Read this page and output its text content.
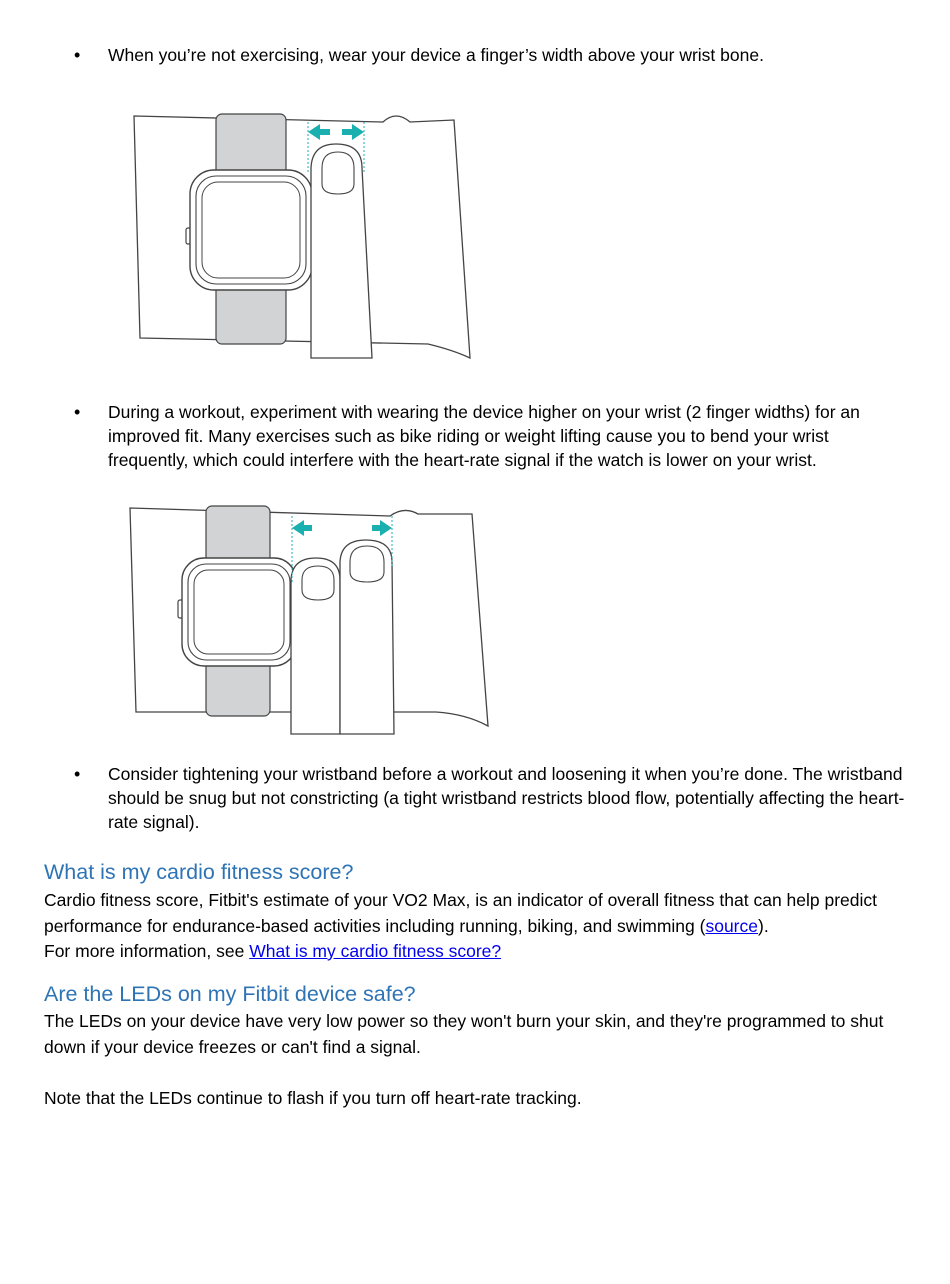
• When you’re not exercising, wear your device a finger’s width above your wrist bone.
• During a workout, experiment with wearing the device higher on your wrist (2 finger widths) for an improved fit. Many exercises such as bike riding or weight lifting cause you to bend your wrist frequently, which could interfere with the heart-rate signal if the watch is lower on your wrist.
• Consider tightening your wristband before a workout and loosening it when you’re done. The wristband should be snug but not constricting (a tight wristband restricts blood flow, potentially affecting the heart-rate signal).
What is my cardio fitness score?

Cardio fitness score, Fitbit's estimate of your VO2 Max, is an indicator of overall fitness that can help predict performance for endurance-based activities including running, biking, and swimming (source).
For more information, see What is my cardio fitness score?

Are the LEDs on my Fitbit device safe?

The LEDs on your device have very low power so they won't burn your skin, and they're programmed to shut down if your device freezes or can't find a signal.

Note that the LEDs continue to flash if you turn off heart-rate tracking.
